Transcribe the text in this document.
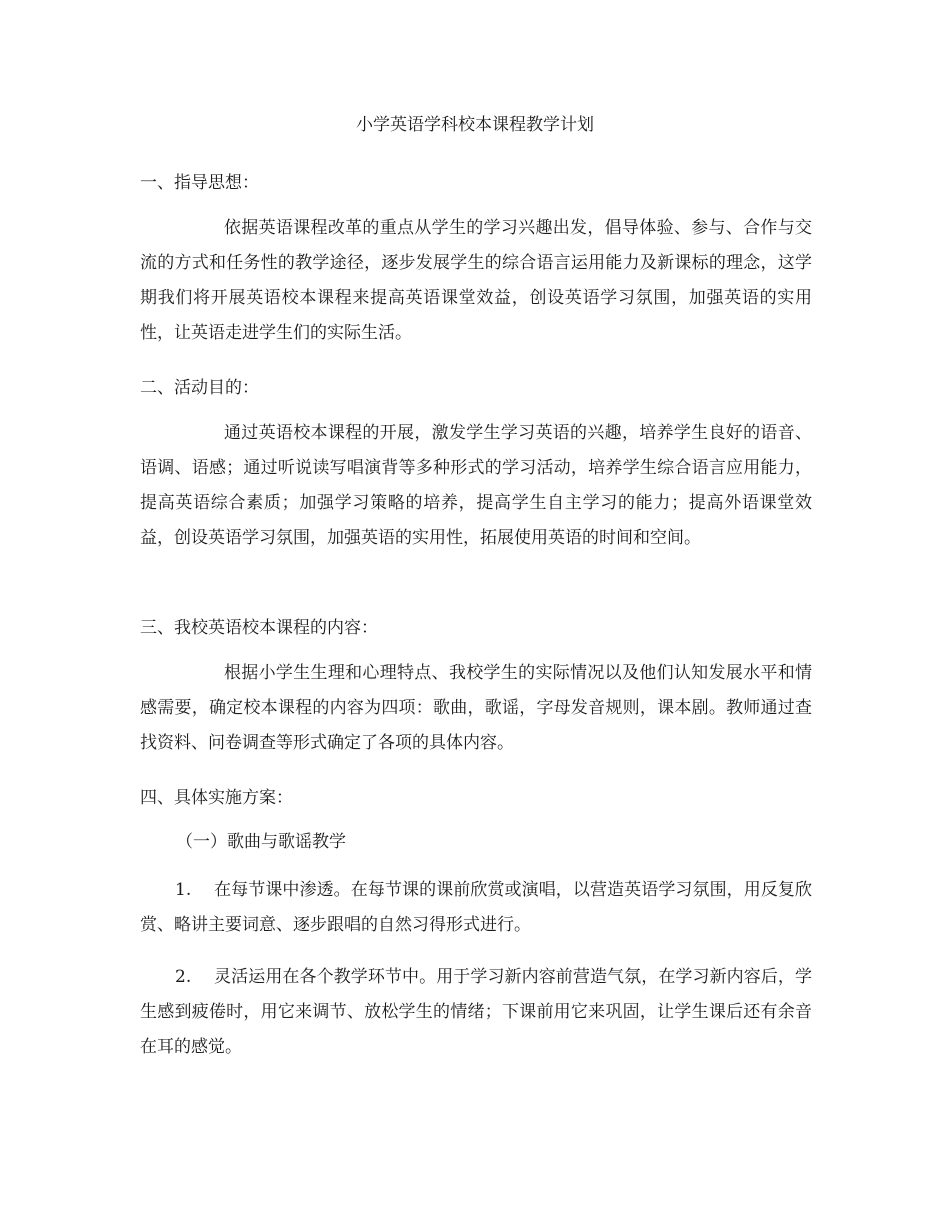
小学英语学科校本课程教学计划
一、指导思想：

依据英语课程改革的重点从学生的学习兴趣出发，倡导体验、参与、合作与交流的方式和任务性的教学途径，逐步发展学生的综合语言运用能力及新课标的理念，这学期我们将开展英语校本课程来提高英语课堂效益，创设英语学习氛围，加强英语的实用性，让英语走进学生们的实际生活。

二、活动目的：

通过英语校本课程的开展，激发学生学习英语的兴趣，培养学生良好的语音、语调、语感；通过听说读写唱演背等多种形式的学习活动，培养学生综合语言应用能力，提高英语综合素质；加强学习策略的培养，提高学生自主学习的能力；提高外语课堂效益，创设英语学习氛围，加强英语的实用性，拓展使用英语的时间和空间。

三、我校英语校本课程的内容：

根据小学生生理和心理特点、我校学生的实际情况以及他们认知发展水平和情感需要，确定校本课程的内容为四项：歌曲，歌谣，字母发音规则，课本剧。教师通过查找资料、问卷调查等形式确定了各项的具体内容。

四、具体实施方案：
（一）歌曲与歌谣教学

1. 在每节课中渗透。在每节课的课前欣赏或演唱，以营造英语学习氛围，用反复欣赏、略讲主要词意、逐步跟唱的自然习得形式进行。

2. 灵活运用在各个教学环节中。用于学习新内容前营造气氛，在学习新内容后，学生感到疲倦时，用它来调节、放松学生的情绪；下课前用它来巩固，让学生课后还有余音在耳的感觉。
